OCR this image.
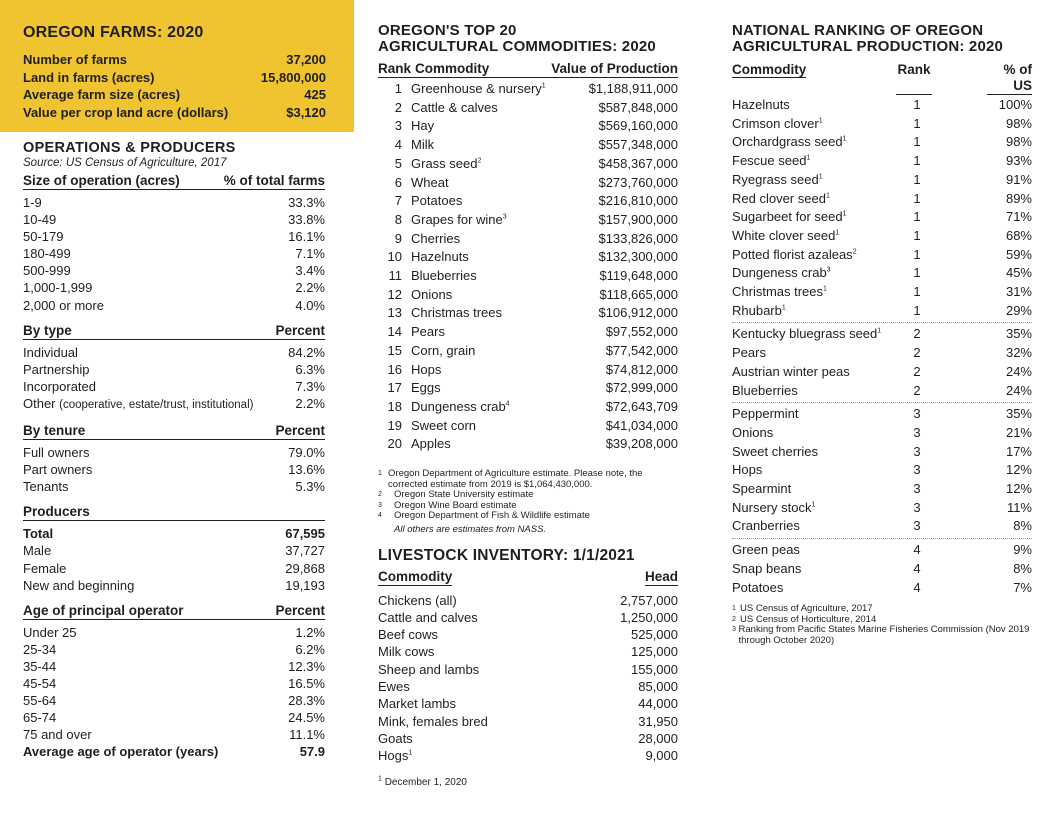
OREGON FARMS: 2020
Number of farms	37,200
Land in farms (acres)	15,800,000
Average farm size (acres)	425
Value per crop land acre (dollars)	$3,120
OPERATIONS & PRODUCERS
Source: US Census of Agriculture, 2017
Size of operation (acres)	% of total farms
1-9	33.3%
10-49	33.8%
50-179	16.1%
180-499	7.1%
500-999	3.4%
1,000-1,999	2.2%
2,000 or more	4.0%
By type	Percent
Individual	84.2%
Partnership	6.3%
Incorporated	7.3%
Other (cooperative, estate/trust, institutional)	2.2%
By tenure	Percent
Full owners	79.0%
Part owners	13.6%
Tenants	5.3%
Producers
Total	67,595
Male	37,727
Female	29,868
New and beginning	19,193
Age of principal operator	Percent
Under 25	1.2%
25-34	6.2%
35-44	12.3%
45-54	16.5%
55-64	28.3%
65-74	24.5%
75 and over	11.1%
Average age of operator (years)	57.9
OREGON'S TOP 20
AGRICULTURAL COMMODITIES: 2020
Rank Commodity	Value of Production
1 Greenhouse & nursery$^1$	$1,188,911,000
2 Cattle & calves	$587,848,000
3 Hay	$569,160,000
4 Milk	$557,348,000
5 Grass seed$^2$	$458,367,000
6 Wheat	$273,760,000
7 Potatoes	$216,810,000
8 Grapes for wine$^3$	$157,900,000
9 Cherries	$133,826,000
10 Hazelnuts	$132,300,000
11 Blueberries	$119,648,000
12 Onions	$118,665,000
13 Christmas trees	$106,912,000
14 Pears	$97,552,000
15 Corn, grain	$77,542,000
16 Hops	$74,812,000
17 Eggs	$72,999,000
18 Dungeness crab$^4$	$72,643,709
19 Sweet corn	$41,034,000
20 Apples	$39,208,000
1 Oregon Department of Agriculture estimate. Please note, the corrected estimate from 2019 is $1,064,430,000.
2	Oregon State University estimate
3	Oregon Wine Board estimate
4	Oregon Department of Fish & Wildlife estimate
All others are estimates from NASS.
LIVESTOCK INVENTORY: 1/1/2021
Commodity	Head
Chickens (all)	2,757,000
Cattle and calves	1,250,000
Beef cows	525,000
Milk cows	125,000
Sheep and lambs	155,000
Ewes	85,000
Market lambs	44,000
Mink, females bred	31,950
Goats	28,000
Hogs$^1$	9,000
$^1$ December 1, 2020
NATIONAL RANKING OF OREGON
AGRICULTURAL PRODUCTION: 2020
Commodity	Rank	% of US
Hazelnuts	1	100%
Crimson clover$^1$	1	98%
Orchardgrass seed$^1$	1	98%
Fescue seed$^1$	1	93%
Ryegrass seed$^1$	1	91%
Red clover seed$^1$	1	89%
Sugarbeet for seed$^1$	1	71%
White clover seed$^1$	1	68%
Potted florist azaleas$^2$	1	59%
Dungeness crab$^3$	1	45%
Christmas trees$^1$	1	31%
Rhubarb$^1$	1	29%
Kentucky bluegrass seed$^1$	2	35%
Pears	2	32%
Austrian winter peas	2	24%
Blueberries	2	24%
Peppermint	3	35%
Onions	3	21%
Sweet cherries	3	17%
Hops	3	12%
Spearmint	3	12%
Nursery stock$^1$	3	11%
Cranberries	3	8%
Green peas	4	9%
Snap beans	4	8%
Potatoes	4	7%
1 US Census of Agriculture, 2017
2 US Census of Horticulture, 2014
3 Ranking from Pacific States Marine Fisheries Commission (Nov 2019 through October 2020)
